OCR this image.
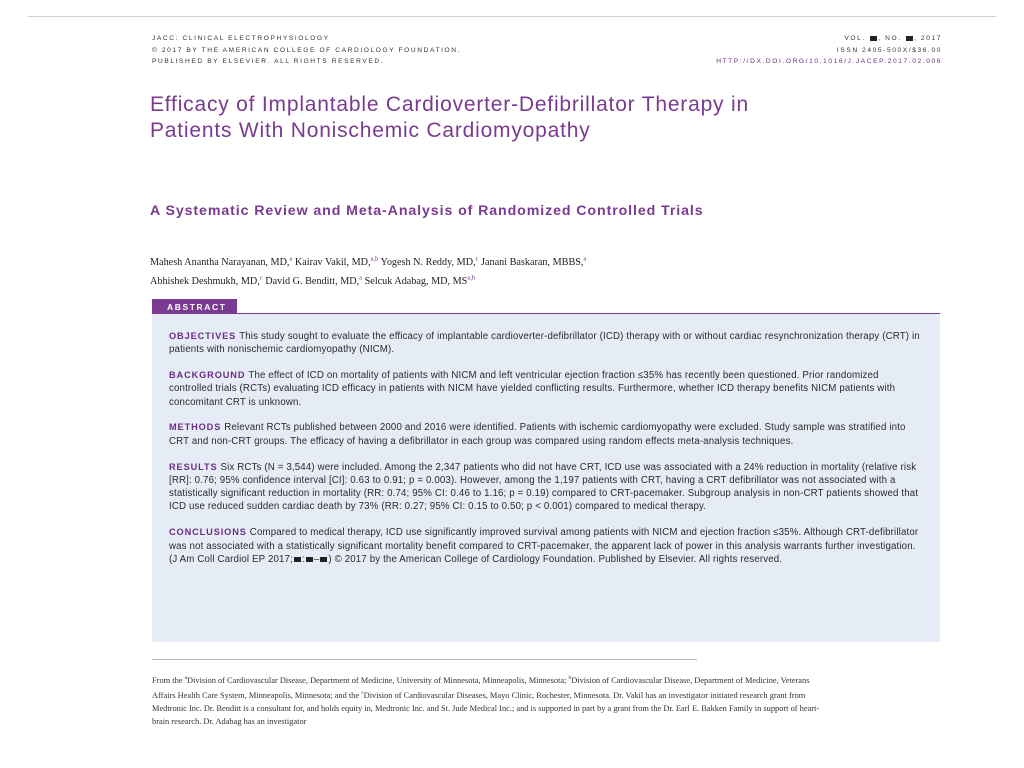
JACC: CLINICAL ELECTROPHYSIOLOGY
© 2017 BY THE AMERICAN COLLEGE OF CARDIOLOGY FOUNDATION.
PUBLISHED BY ELSEVIER. ALL RIGHTS RESERVED.
VOL. , NO. , 2017
ISSN 2405-500X/$36.00
HTTP://DX.DOI.ORG/10.1016/J.JACEP.2017.02.006
Efficacy of Implantable Cardioverter-Defibrillator Therapy in Patients With Nonischemic Cardiomyopathy
A Systematic Review and Meta-Analysis of Randomized Controlled Trials
Mahesh Anantha Narayanan, MD,$^a$ Kairav Vakil, MD,$^{a,b}$ Yogesh N. Reddy, MD,$^c$ Janani Baskaran, MBBS,$^a$
Abhishek Deshmukh, MD,$^c$ David G. Benditt, MD,$^a$ Selcuk Adabag, MD, MS$^{a,b}$
ABSTRACT

OBJECTIVES This study sought to evaluate the efficacy of implantable cardioverter-defibrillator (ICD) therapy with or without cardiac resynchronization therapy (CRT) in patients with nonischemic cardiomyopathy (NICM).

BACKGROUND The effect of ICD on mortality of patients with NICM and left ventricular ejection fraction ≤35% has recently been questioned. Prior randomized controlled trials (RCTs) evaluating ICD efficacy in patients with NICM have yielded conflicting results. Furthermore, whether ICD therapy benefits NICM patients with concomitant CRT is unknown.

METHODS Relevant RCTs published between 2000 and 2016 were identified. Patients with ischemic cardiomyopathy were excluded. Study sample was stratified into CRT and non-CRT groups. The efficacy of having a defibrillator in each group was compared using random effects meta-analysis techniques.

RESULTS Six RCTs (N = 3,544) were included. Among the 2,347 patients who did not have CRT, ICD use was associated with a 24% reduction in mortality (relative risk [RR]: 0.76; 95% confidence interval [CI]: 0.63 to 0.91; p = 0.003). However, among the 1,197 patients with CRT, having a CRT defibrillator was not associated with a statistically significant reduction in mortality (RR: 0.74; 95% CI: 0.46 to 1.16; p = 0.19) compared to CRT-pacemaker. Subgroup analysis in non-CRT patients showed that ICD use reduced sudden cardiac death by 73% (RR: 0.27; 95% CI: 0.15 to 0.50; p < 0.001) compared to medical therapy.

CONCLUSIONS Compared to medical therapy, ICD use significantly improved survival among patients with NICM and ejection fraction ≤35%. Although CRT-defibrillator was not associated with a statistically significant mortality benefit compared to CRT-pacemaker, the apparent lack of power in this analysis warrants further investigation. (J Am Coll Cardiol EP 2017; : – ) © 2017 by the American College of Cardiology Foundation. Published by Elsevier. All rights reserved.

From the $^a$Division of Cardiovascular Disease, Department of Medicine, University of Minnesota, Minneapolis, Minnesota; $^b$Division of Cardiovascular Disease, Department of Medicine, Veterans Affairs Health Care System, Minneapolis, Minnesota; and the $^c$Division of Cardiovascular Diseases, Mayo Clinic, Rochester, Minnesota. Dr. Vakil has an investigator initiated research grant from Medtronic Inc. Dr. Benditt is a consultant for, and holds equity in, Medtronic Inc. and St. Jude Medical Inc.; and is supported in part by a grant from the Dr. Earl E. Bakken Family in support of heart-brain research. Dr. Adabag has an investigator
